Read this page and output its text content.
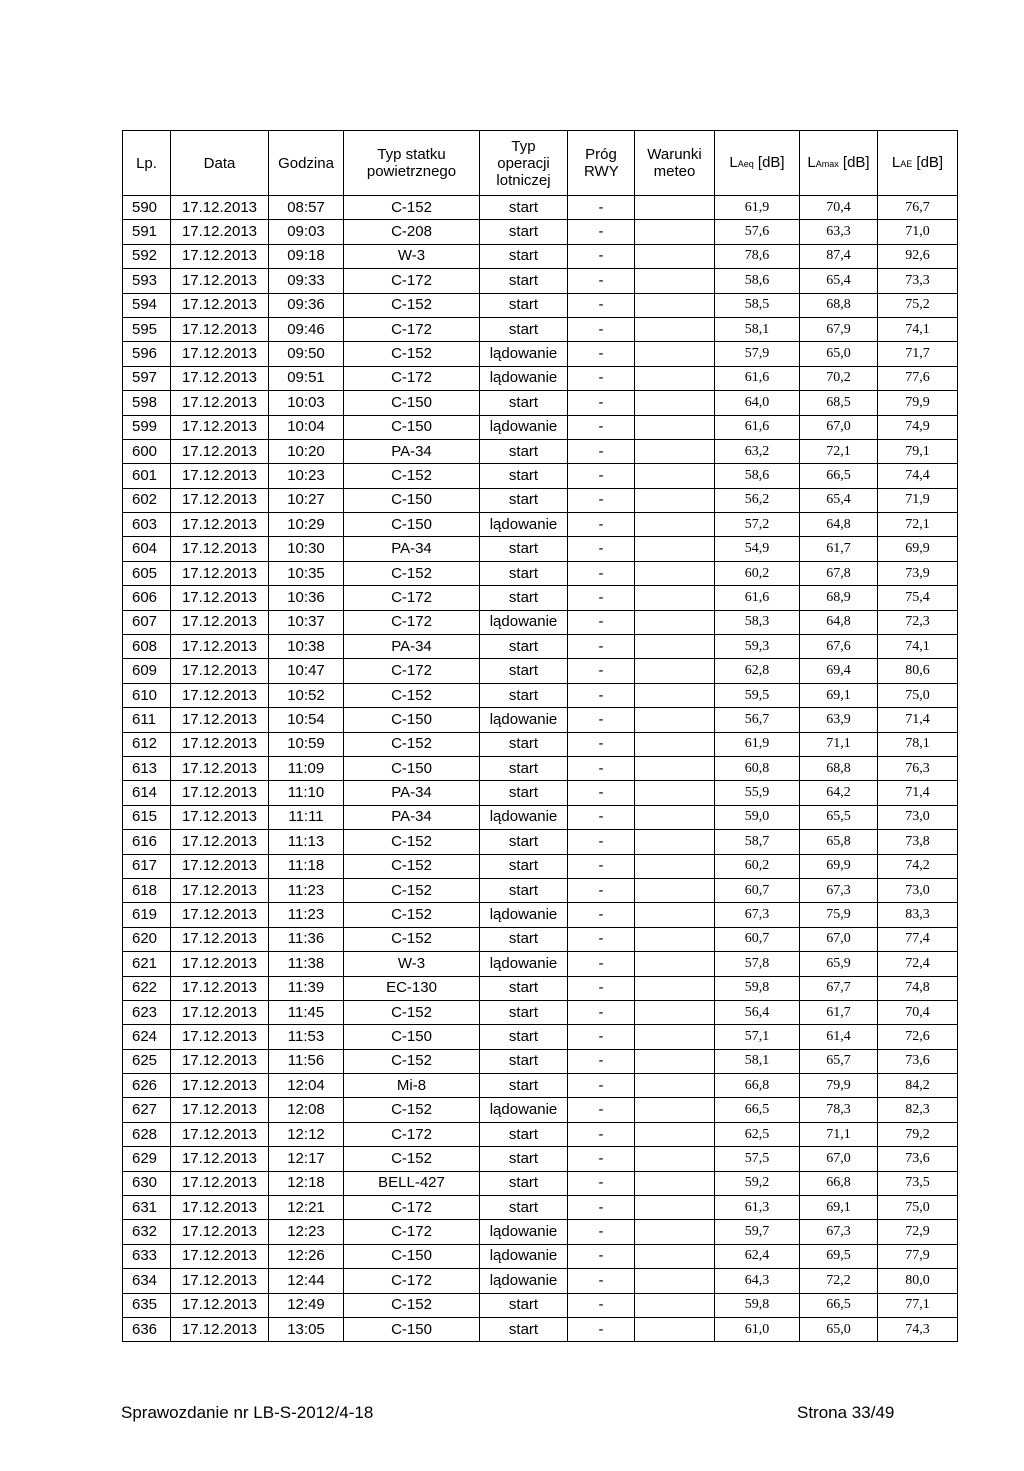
Lp.	Data	Godzina	Typ statku powietrznego	Typ operacji lotniczej	Próg RWY	Warunki meteo	LAeq [dB]	LAmax [dB]	LAE [dB]
590	17.12.2013	08:57	C-152	start	-		61,9	70,4	76,7
591	17.12.2013	09:03	C-208	start	-		57,6	63,3	71,0
592	17.12.2013	09:18	W-3	start	-		78,6	87,4	92,6
593	17.12.2013	09:33	C-172	start	-		58,6	65,4	73,3
594	17.12.2013	09:36	C-152	start	-		58,5	68,8	75,2
595	17.12.2013	09:46	C-172	start	-		58,1	67,9	74,1
596	17.12.2013	09:50	C-152	lądowanie	-		57,9	65,0	71,7
597	17.12.2013	09:51	C-172	lądowanie	-		61,6	70,2	77,6
598	17.12.2013	10:03	C-150	start	-		64,0	68,5	79,9
599	17.12.2013	10:04	C-150	lądowanie	-		61,6	67,0	74,9
600	17.12.2013	10:20	PA-34	start	-		63,2	72,1	79,1
601	17.12.2013	10:23	C-152	start	-		58,6	66,5	74,4
602	17.12.2013	10:27	C-150	start	-		56,2	65,4	71,9
603	17.12.2013	10:29	C-150	lądowanie	-		57,2	64,8	72,1
604	17.12.2013	10:30	PA-34	start	-		54,9	61,7	69,9
605	17.12.2013	10:35	C-152	start	-		60,2	67,8	73,9
606	17.12.2013	10:36	C-172	start	-		61,6	68,9	75,4
607	17.12.2013	10:37	C-172	lądowanie	-		58,3	64,8	72,3
608	17.12.2013	10:38	PA-34	start	-		59,3	67,6	74,1
609	17.12.2013	10:47	C-172	start	-		62,8	69,4	80,6
610	17.12.2013	10:52	C-152	start	-		59,5	69,1	75,0
611	17.12.2013	10:54	C-150	lądowanie	-		56,7	63,9	71,4
612	17.12.2013	10:59	C-152	start	-		61,9	71,1	78,1
613	17.12.2013	11:09	C-150	start	-		60,8	68,8	76,3
614	17.12.2013	11:10	PA-34	start	-		55,9	64,2	71,4
615	17.12.2013	11:11	PA-34	lądowanie	-		59,0	65,5	73,0
616	17.12.2013	11:13	C-152	start	-		58,7	65,8	73,8
617	17.12.2013	11:18	C-152	start	-		60,2	69,9	74,2
618	17.12.2013	11:23	C-152	start	-		60,7	67,3	73,0
619	17.12.2013	11:23	C-152	lądowanie	-		67,3	75,9	83,3
620	17.12.2013	11:36	C-152	start	-		60,7	67,0	77,4
621	17.12.2013	11:38	W-3	lądowanie	-		57,8	65,9	72,4
622	17.12.2013	11:39	EC-130	start	-		59,8	67,7	74,8
623	17.12.2013	11:45	C-152	start	-		56,4	61,7	70,4
624	17.12.2013	11:53	C-150	start	-		57,1	61,4	72,6
625	17.12.2013	11:56	C-152	start	-		58,1	65,7	73,6
626	17.12.2013	12:04	Mi-8	start	-		66,8	79,9	84,2
627	17.12.2013	12:08	C-152	lądowanie	-		66,5	78,3	82,3
628	17.12.2013	12:12	C-172	start	-		62,5	71,1	79,2
629	17.12.2013	12:17	C-152	start	-		57,5	67,0	73,6
630	17.12.2013	12:18	BELL-427	start	-		59,2	66,8	73,5
631	17.12.2013	12:21	C-172	start	-		61,3	69,1	75,0
632	17.12.2013	12:23	C-172	lądowanie	-		59,7	67,3	72,9
633	17.12.2013	12:26	C-150	lądowanie	-		62,4	69,5	77,9
634	17.12.2013	12:44	C-172	lądowanie	-		64,3	72,2	80,0
635	17.12.2013	12:49	C-152	start	-		59,8	66,5	77,1
636	17.12.2013	13:05	C-150	start	-		61,0	65,0	74,3
Sprawozdanie nr LB-S-2012/4-18	Strona 33/49
